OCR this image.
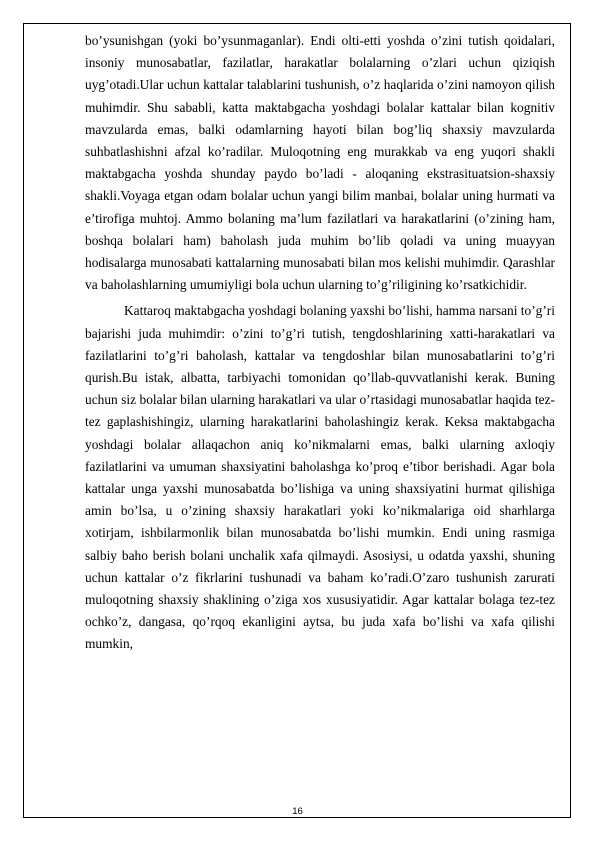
bo’ysunishgan (yoki bo’ysunmaganlar). Endi olti-etti yoshda o’zini tutish qoidalari, insoniy munosabatlar, fazilatlar, harakatlar bolalarning o’zlari uchun qiziqish uyg’otadi.Ular uchun kattalar talablarini tushunish, o’z haqlarida o’zini namoyon qilish muhimdir. Shu sababli, katta maktabgacha yoshdagi bolalar kattalar bilan kognitiv mavzularda emas, balki odamlarning hayoti bilan bog’liq shaxsiy mavzularda suhbatlashishni afzal ko’radilar. Muloqotning eng murakkab va eng yuqori shakli maktabgacha yoshda shunday paydo bo’ladi - aloqaning ekstrasituatsion-shaxsiy shakli.Voyaga etgan odam bolalar uchun yangi bilim manbai, bolalar uning hurmati va e’tirofiga muhtoj. Ammo bolaning ma’lum fazilatlari va harakatlarini (o’zining ham, boshqa bolalari ham) baholash juda muhim bo’lib qoladi va uning muayyan hodisalarga munosabati kattalarning munosabati bilan mos kelishi muhimdir. Qarashlar va baholashlarning umumiyligi bola uchun ularning to’g’riligining ko’rsatkichidir.

Kattaroq maktabgacha yoshdagi bolaning yaxshi bo’lishi, hamma narsani to’g’ri bajarishi juda muhimdir: o’zini to’g’ri tutish, tengdoshlarining xatti-harakatlari va fazilatlarini to’g’ri baholash, kattalar va tengdoshlar bilan munosabatlarini to’g’ri qurish.Bu istak, albatta, tarbiyachi tomonidan qo’llab-quvvatlanishi kerak. Buning uchun siz bolalar bilan ularning harakatlari va ular o’rtasidagi munosabatlar haqida tez-tez gaplashishingiz, ularning harakatlarini baholashingiz kerak. Keksa maktabgacha yoshdagi bolalar allaqachon aniq ko’nikmalarni emas, balki ularning axloqiy fazilatlarini va umuman shaxsiyatini baholashga ko’proq e’tibor berishadi. Agar bola kattalar unga yaxshi munosabatda bo’lishiga va uning shaxsiyatini hurmat qilishiga amin bo’lsa, u o’zining shaxsiy harakatlari yoki ko’nikmalariga oid sharhlarga xotirjam, ishbilarmonlik bilan munosabatda bo’lishi mumkin. Endi uning rasmiga salbiy baho berish bolani unchalik xafa qilmaydi. Asosiysi, u odatda yaxshi, shuning uchun kattalar o’z fikrlarini tushunadi va baham ko’radi.O’zaro tushunish zarurati muloqotning shaxsiy shaklining o’ziga xos xususiyatidir. Agar kattalar bolaga tez-tez ochko’z, dangasa, qo’rqoq ekanligini aytsa, bu juda xafa bo’lishi va xafa qilishi mumkin,

16
